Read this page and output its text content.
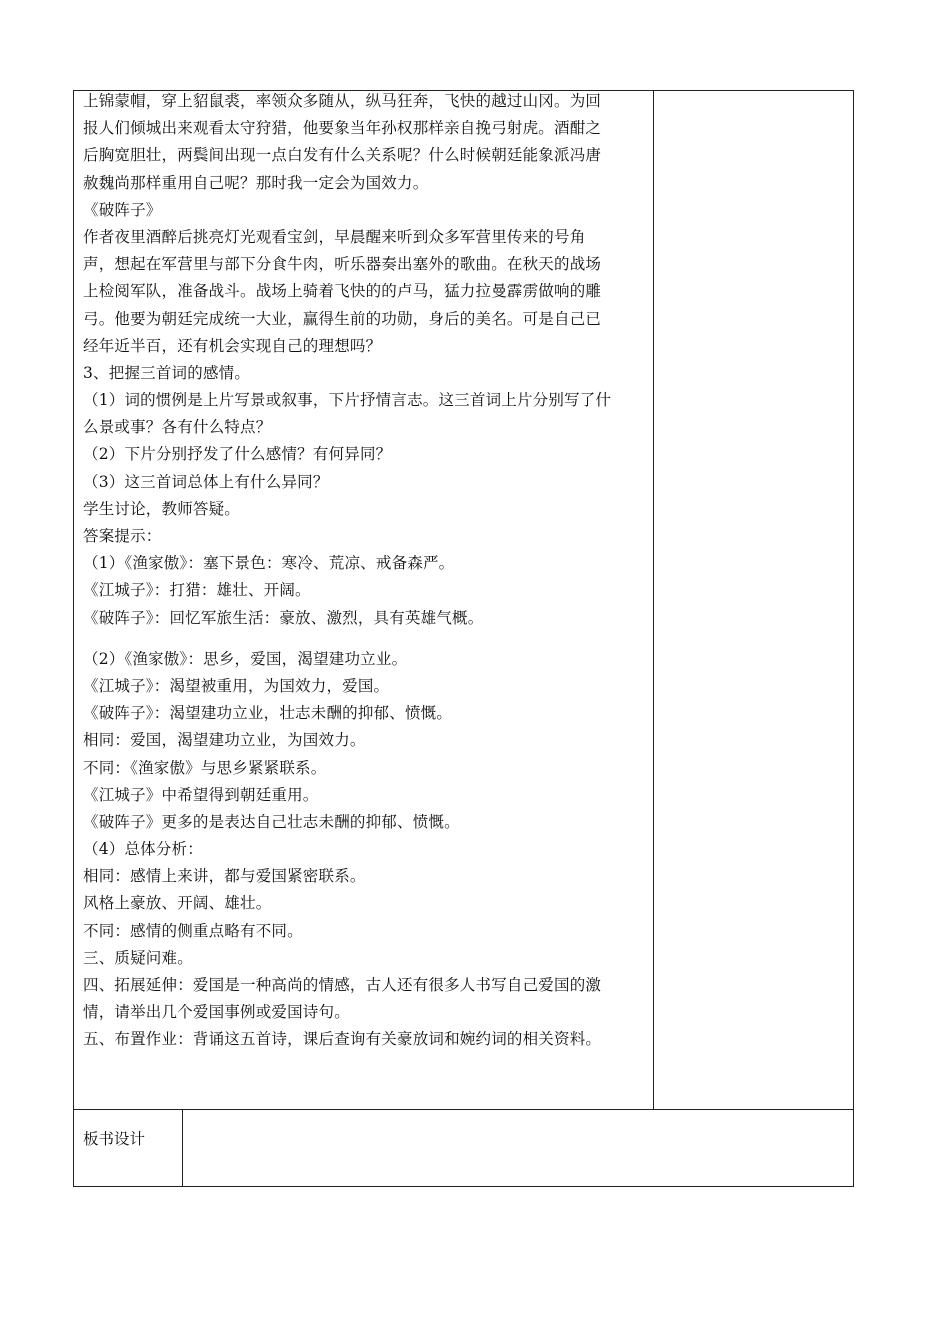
上锦蒙帽，穿上貂鼠裘，率领众多随从，纵马狂奔，飞快的越过山冈。为回
报人们倾城出来观看太守狩猎，他要象当年孙权那样亲自挽弓射虎。酒酣之
后胸宽胆壮，两鬓间出现一点白发有什么关系呢？什么时候朝廷能象派冯唐
赦魏尚那样重用自己呢？那时我一定会为国效力。
《破阵子》
作者夜里酒醉后挑亮灯光观看宝剑，早晨醒来听到众多军营里传来的号角
声，想起在军营里与部下分食牛肉，听乐器奏出塞外的歌曲。在秋天的战场
上检阅军队，准备战斗。战场上骑着飞快的的卢马，猛力拉曼霹雳做响的雕
弓。他要为朝廷完成统一大业，赢得生前的功勋，身后的美名。可是自己已
经年近半百，还有机会实现自己的理想吗？
3、把握三首词的感情。
（1）词的惯例是上片写景或叙事，下片抒情言志。这三首词上片分别写了什
么景或事？各有什么特点？
（2）下片分别抒发了什么感情？有何异同？
（3）这三首词总体上有什么异同？
学生讨论，教师答疑。
答案提示：
（1）《渔家傲》：塞下景色：寒冷、荒凉、戒备森严。
《江城子》：打猎：雄壮、开阔。
《破阵子》：回忆军旅生活：豪放、激烈，具有英雄气概。
（2）《渔家傲》：思乡，爱国，渴望建功立业。
《江城子》：渴望被重用，为国效力，爱国。
《破阵子》：渴望建功立业，壮志未酬的抑郁、愤慨。
相同：爱国，渴望建功立业，为国效力。
不同：《渔家傲》与思乡紧紧联系。
《江城子》中希望得到朝廷重用。
《破阵子》更多的是表达自己壮志未酬的抑郁、愤慨。
（4）总体分析：
相同：感情上来讲，都与爱国紧密联系。
风格上豪放、开阔、雄壮。
不同：感情的侧重点略有不同。
三、质疑问难。
四、拓展延伸：爱国是一种高尚的情感，古人还有很多人书写自己爱国的激
情，请举出几个爱国事例或爱国诗句。
五、布置作业：背诵这五首诗，课后查询有关豪放词和婉约词的相关资料。
板书设计
